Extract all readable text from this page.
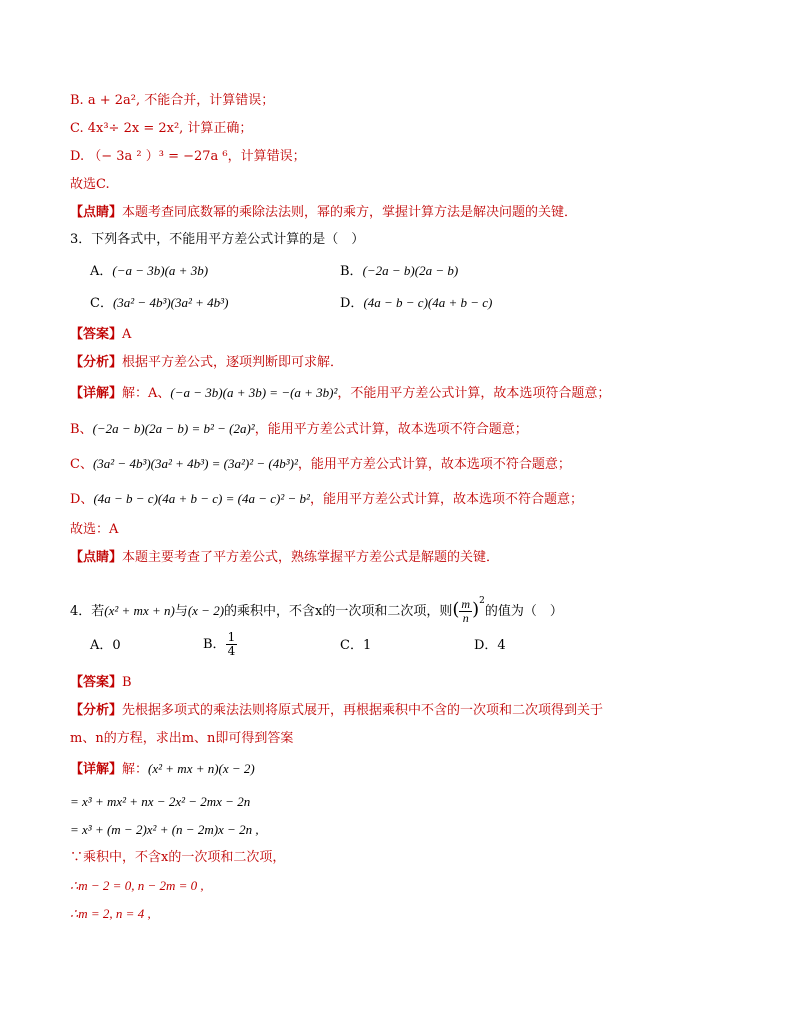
B. a + 2a², 不能合并，计算错误；
C. 4x³÷ 2x = 2x², 计算正确；
D. （− 3a ² ）³ = −27a ⁶，计算错误；
故选C.
【点睛】本题考查同底数幂的乘除法法则，幂的乘方，掌握计算方法是解决问题的关键．
3．下列各式中，不能用平方差公式计算的是（　）
A．(−a − 3b)(a + 3b)	B．(−2a − b)(2a − b)
C．(3a² − 4b³)(3a² + 4b³)	D．(4a − b − c)(4a + b − c)
【答案】A
【分析】根据平方差公式，逐项判断即可求解．
【详解】解：A、(−a − 3b)(a + 3b) = −(a + 3b)²，不能用平方差公式计算，故本选项符合题意；
B、(−2a − b)(2a − b) = b² − (2a)²，能用平方差公式计算，故本选项不符合题意；
C、(3a² − 4b³)(3a² + 4b³) = (3a²)² − (4b³)²，能用平方差公式计算，故本选项不符合题意；
D、(4a − b − c)(4a + b − c) = (4a − c)² − b²，能用平方差公式计算，故本选项不符合题意；
故选：A
【点睛】本题主要考查了平方差公式，熟练掌握平方差公式是解题的关键．
4．若(x² + mx + n)与(x − 2)的乘积中，不含x的一次项和二次项，则( $\frac{m}{n} )^2$的值为（　）
A．0	B． $\frac{1}{4}$	C．1	D．4
【答案】B
【分析】先根据多项式的乘法法则将原式展开，再根据乘积中不含的一次项和二次项得到关于
m、n的方程，求出m、n即可得到答案
【详解】解：(x² + mx + n)(x − 2)
= x³ + mx² + nx − 2x² − 2mx − 2n
= x³ + (m − 2)x² + (n − 2m)x − 2n ,
∵乘积中，不含x的一次项和二次项，
∴m − 2 = 0, n − 2m = 0 ,
∴m = 2, n = 4 ,
